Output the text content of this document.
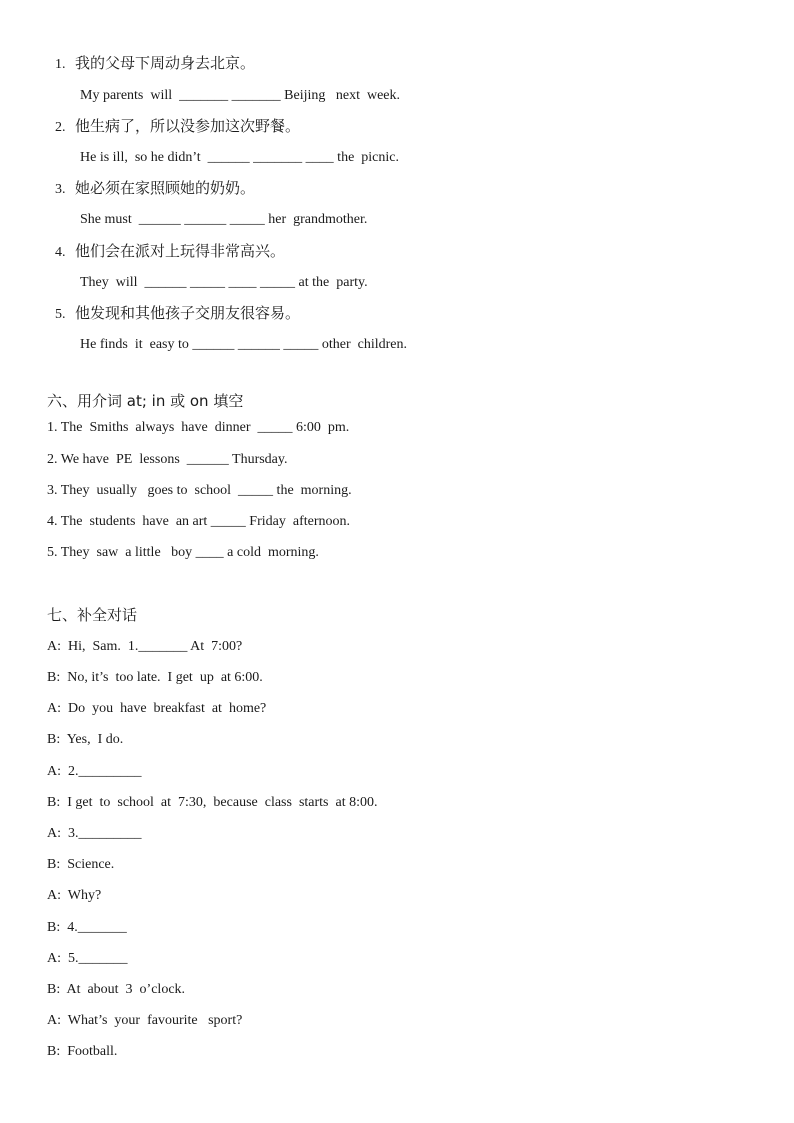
1. 我的父母下周动身去北京。
My parents  will  _______ _______ Beijing   next  week.
2. 他生病了，所以没参加这次野餐。
He is ill,  so he didn’t  ______ _______ ____ the  picnic.
3. 她必须在家照顾她的奶奶。
She must  ______ ______ _____ her  grandmother.
4. 他们会在派对上玩得非常高兴。
They  will  ______ _____ ____ _____ at the  party.
5. 他发现和其他孩子交朋友很容易。
He finds  it  easy to ______ ______ _____ other  children.
六、用介词 at; in 或 on 填空
1. The  Smiths  always  have  dinner  _____ 6:00  pm.
2. We have  PE  lessons  ______ Thursday.
3. They  usually   goes to  school  _____ the  morning.
4. The  students  have  an art _____ Friday  afternoon.
5. They  saw  a little   boy ____ a cold  morning.
七、补全对话
A:  Hi,  Sam.  1._______ At  7:00?
B:  No, it’s  too late.  I get  up  at 6:00.
A:  Do  you  have  breakfast  at  home?
B:  Yes,  I do.
A:  2._________
B:  I get  to  school  at  7:30,  because  class  starts  at 8:00.
A:  3._________
B:  Science.
A:  Why?
B:  4._______
A:  5._______
B:  At  about  3  o’clock.
A:  What’s  your  favourite   sport?
B:  Football.
